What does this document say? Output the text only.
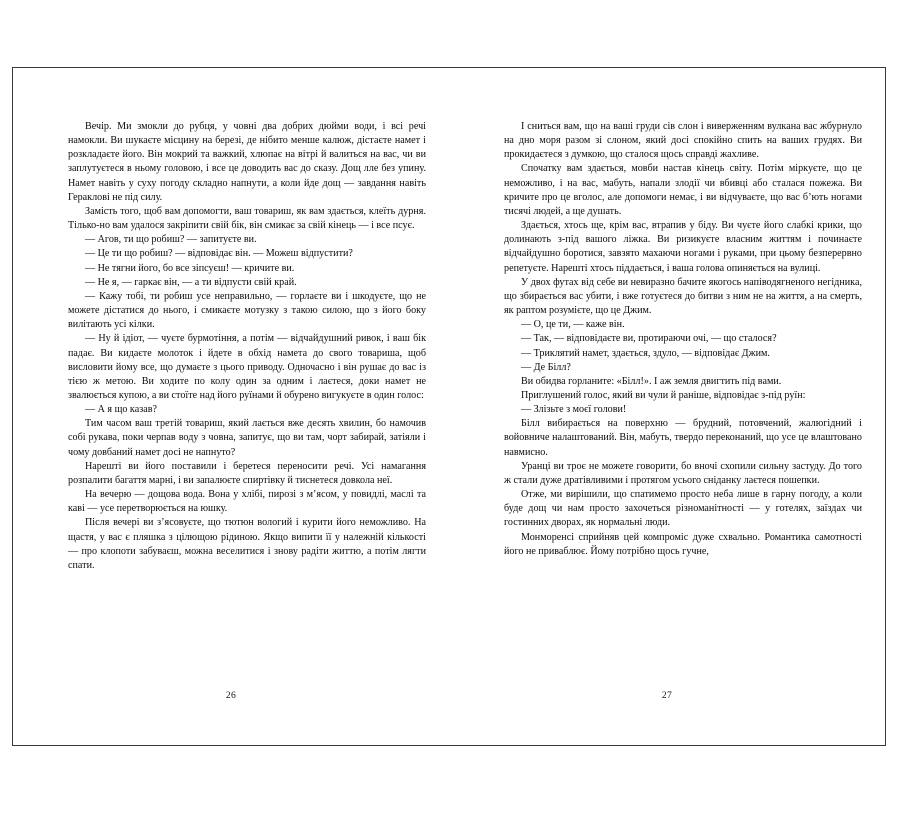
Вечір. Ми змокли до рубця, у човні два добрих дюйми води, і всі речі намокли. Ви шукаєте місцину на березі, де нібито менше калюж, дістаєте намет і розкладаєте його. Він мокрий та важкий, хлюпає на вітрі й валиться на вас, чи ви заплутуєтеся в ньому головою, і все це доводить вас до сказу. Дощ лле без упину. Намет навіть у суху погоду складно напнути, а коли йде дощ — завдання навіть Гераклові не під силу.

Замість того, щоб вам допомогти, ваш товариш, як вам здається, клеїть дурня. Тілько-но вам удалося закріпити свій бік, він смикає за свій кінець — і все псує.

— Агов, ти що робиш? — запитуєте ви.

— Це ти що робиш? — відповідає він. — Можеш відпустити?

— Не тягни його, бо все зіпсуєш! — кричите ви.

— Не я, — гаркає він, — а ти відпусти свій край.

— Кажу тобі, ти робиш усе неправильно, — горлаєте ви і шкодуєте, що не можете дістатися до нього, і смикаєте мотузку з такою силою, що з його боку вилітають усі кілки.

— Ну й ідіот, — чуєте бурмотіння, а потім — відчайдушний ривок, і ваш бік падає. Ви кидаєте молоток і йдете в обхід намета до свого товариша, щоб висловити йому все, що думаєте з цього приводу. Одночасно і він рушає до вас із тією ж метою. Ви ходите по колу один за одним і лаєтеся, доки намет не звалюється купою, а ви стоїте над його руїнами й обурено вигукуєте в один голос:

— А я що казав?

Тим часом ваш третій товариш, який лається вже десять хвилин, бо намочив собі рукава, поки черпав воду з човна, запитує, що ви там, чорт забирай, затіяли і чому довбаний намет досі не напнуто?

Нарешті ви його поставили і беретеся переносити речі. Усі намагання розпалити багаття марні, і ви запалюєте спиртівку й тиснетеся довкола неї.

На вечерю — дощова вода. Вона у хлібі, пирозі з м’ясом, у повидлі, маслі та каві — усе перетворюється на юшку.

Після вечері ви з’ясовуєте, що тютюн вологий і курити його неможливо. На щастя, у вас є пляшка з цілющою рідиною. Якщо випити її у належній кількості — про клопоти забуваєш, можна веселитися і знову радіти життю, а потім лягти спати.

26

І сниться вам, що на ваші груди сів слон і виверженням вулкана вас жбурнуло на дно моря разом зі слоном, який досі спокійно спить на ваших грудях. Ви прокидаєтеся з думкою, що сталося щось справді жахливе.

Спочатку вам здається, мовби настав кінець світу. Потім міркуєте, що це неможливо, і на вас, мабуть, напали злодії чи вбивці або сталася пожежа. Ви кричите про це вголос, але допомоги немає, і ви відчуваєте, що вас б’ють ногами тисячі людей, а ще душать.

Здається, хтось ще, крім вас, втрапив у біду. Ви чуєте його слабкі крики, що долинають з-під вашого ліжка. Ви ризикуєте власним життям і починаєте відчайдушно боротися, завзято махаючи ногами і руками, при цьому безперервно репетуєте. Нарешті хтось піддається, і ваша голова опиняється на вулиці.

У двох футах від себе ви невиразно бачите якогось напіводягненого негідника, що збирається вас убити, і вже готуєтеся до битви з ним не на життя, а на смерть, як раптом розумієте, що це Джим.

— О, це ти, — каже він.

— Так, — відповідаєте ви, протираючи очі, — що сталося?

— Триклятий намет, здається, здуло, — відповідає Джим.

— Де Білл?

Ви обидва горланите: «Білл!». І аж земля двигтить під вами.

Приглушений голос, який ви чули й раніше, відповідає з-під руїн:

— Злізьте з моєї голови!

Білл вибирається на поверхню — брудний, потовчений, жалюгідний і войовниче налаштований. Він, мабуть, твердо переконаний, що усе це влаштовано навмисно.

Уранці ви троє не можете говорити, бо вночі схопили сильну застуду. До того ж стали дуже дратівливими і протягом усього сніданку лаєтеся пошепки.

Отже, ми вирішили, що спатимемо просто неба лише в гарну погоду, а коли буде дощ чи нам просто захочеться різноманітності — у готелях, заїздах чи гостинних дворах, як нормальні люди.

Монморенсі сприйняв цей компроміс дуже схвально. Романтика самотності його не приваблює. Йому потрібно щось гучне,

27
